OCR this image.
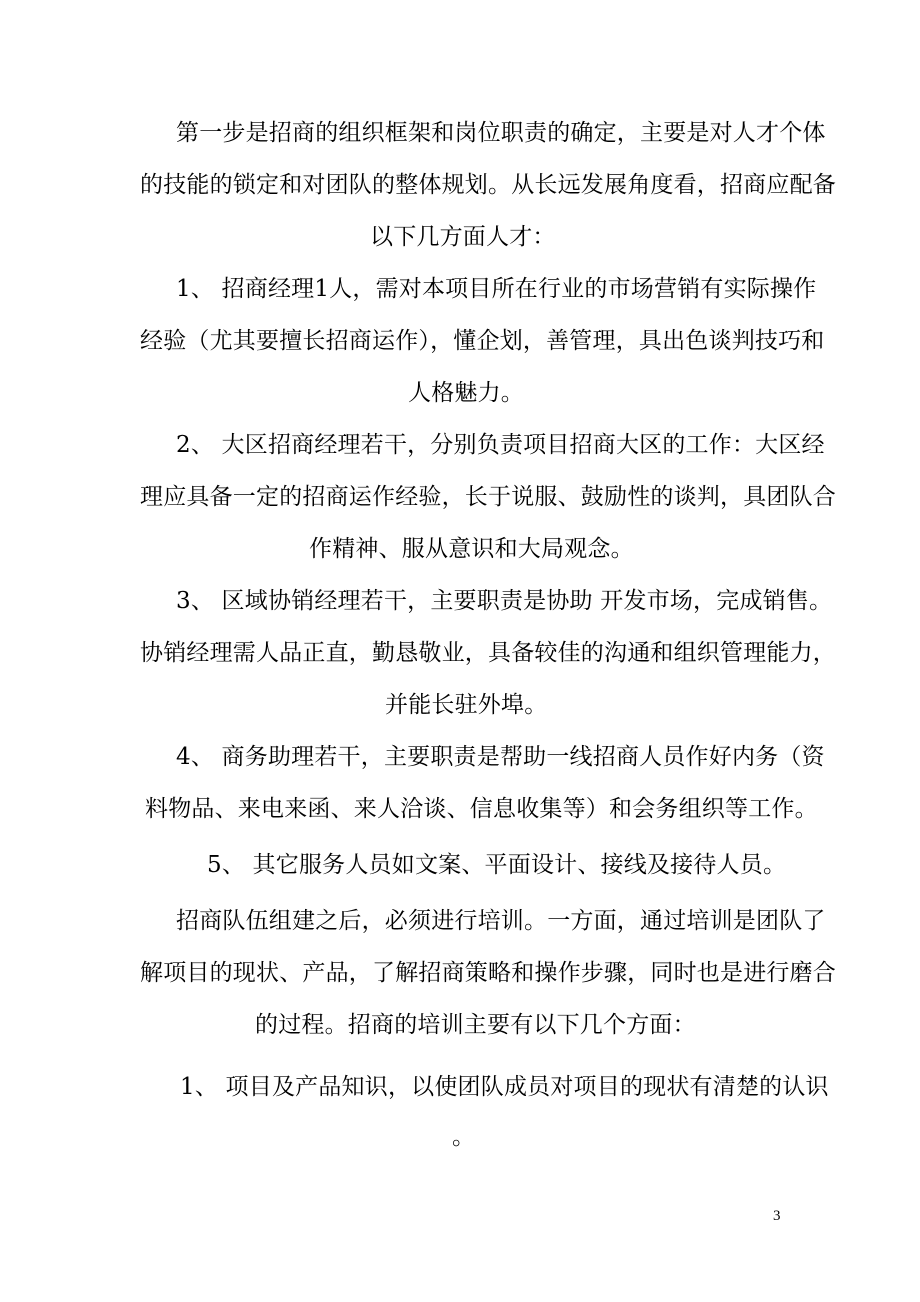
第一步是招商的组织框架和岗位职责的确定，主要是对人才个体
的技能的锁定和对团队的整体规划。从长远发展角度看，招商应配备
以下几方面人才：
1、 招商经理1人，需对本项目所在行业的市场营销有实际操作
经验（尤其要擅长招商运作），懂企划，善管理，具出色谈判技巧和
人格魅力。
2、 大区招商经理若干，分别负责项目招商大区的工作：大区经
理应具备一定的招商运作经验，长于说服、鼓励性的谈判，具团队合
作精神、服从意识和大局观念。
3、 区域协销经理若干，主要职责是协助 开发市场，完成销售。
协销经理需人品正直，勤恳敬业，具备较佳的沟通和组织管理能力，
并能长驻外埠。
4、 商务助理若干，主要职责是帮助一线招商人员作好内务（资
料物品、来电来函、来人洽谈、信息收集等）和会务组织等工作。
5、 其它服务人员如文案、平面设计、接线及接待人员。
招商队伍组建之后，必须进行培训。一方面，通过培训是团队了
解项目的现状、产品，了解招商策略和操作步骤，同时也是进行磨合
的过程。招商的培训主要有以下几个方面：
1、 项目及产品知识，以使团队成员对项目的现状有清楚的认识
。
3
